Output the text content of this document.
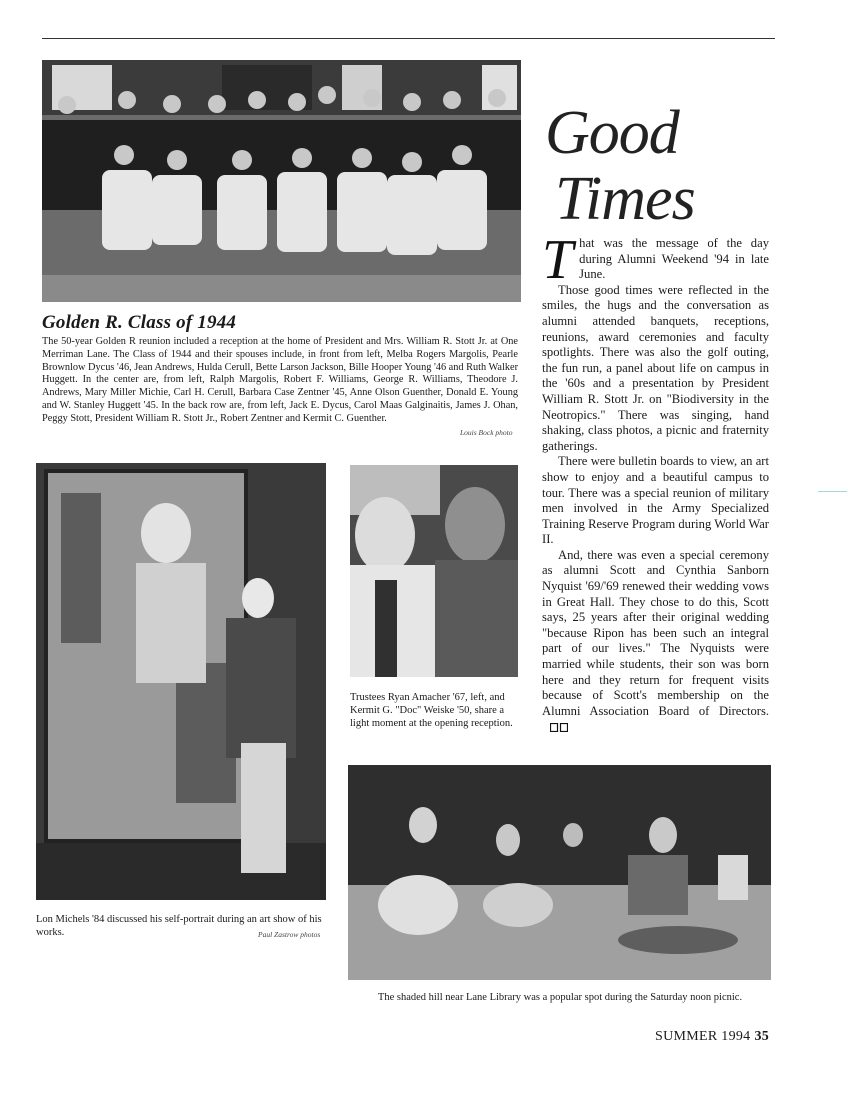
Golden R. Class of 1944
The 50-year Golden R reunion included a reception at the home of President and Mrs. William R. Stott Jr. at One Merriman Lane. The Class of 1944 and their spouses include, in front from left, Melba Rogers Margolis, Pearle Brownlow Dycus '46, Jean Andrews, Hulda Cerull, Bette Larson Jackson, Bille Hooper Young '46 and Ruth Walker Huggett. In the center are, from left, Ralph Margolis, Robert F. Williams, George R. Williams, Theodore J. Andrews, Mary Miller Michie, Carl H. Cerull, Barbara Case Zentner '45, Anne Olson Guenther, Donald E. Young and W. Stanley Huggett '45. In the back row are, from left, Jack E. Dycus, Carol Maas Galginaitis, James J. Ohan, Peggy Stott, President William R. Stott Jr., Robert Zentner and Kermit C. Guenther.
Louis Bock photo
Good
Times

That was the message of the day during Alumni Weekend '94 in late June.

Those good times were reflected in the smiles, the hugs and the conversation as alumni attended banquets, receptions, reunions, award ceremonies and faculty spotlights. There was also the golf outing, the fun run, a panel about life on campus in the '60s and a presentation by President William R. Stott Jr. on "Biodiversity in the Neotropics." There was singing, hand shaking, class photos, a picnic and fraternity gatherings.

There were bulletin boards to view, an art show to enjoy and a beautiful campus to tour. There was a special reunion of military men involved in the Army Specialized Training Reserve Program during World War II.

And, there was even a special ceremony as alumni Scott and Cynthia Sanborn Nyquist '69/'69 renewed their wedding vows in Great Hall. They chose to do this, Scott says, 25 years after their original wedding "because Ripon has been such an integral part of our lives." The Nyquists were married while students, their son was born here and they return for frequent visits because of Scott's membership on the Alumni Association Board of Directors.

Trustees Ryan Amacher '67, left, and Kermit G. "Doc" Weiske '50, share a light moment at the opening reception.
Lon Michels '84 discussed his self-portrait during an art show of his works.	Paul Zastrow photos
The shaded hill near Lane Library was a popular spot during the Saturday noon picnic.
SUMMER 1994 35
